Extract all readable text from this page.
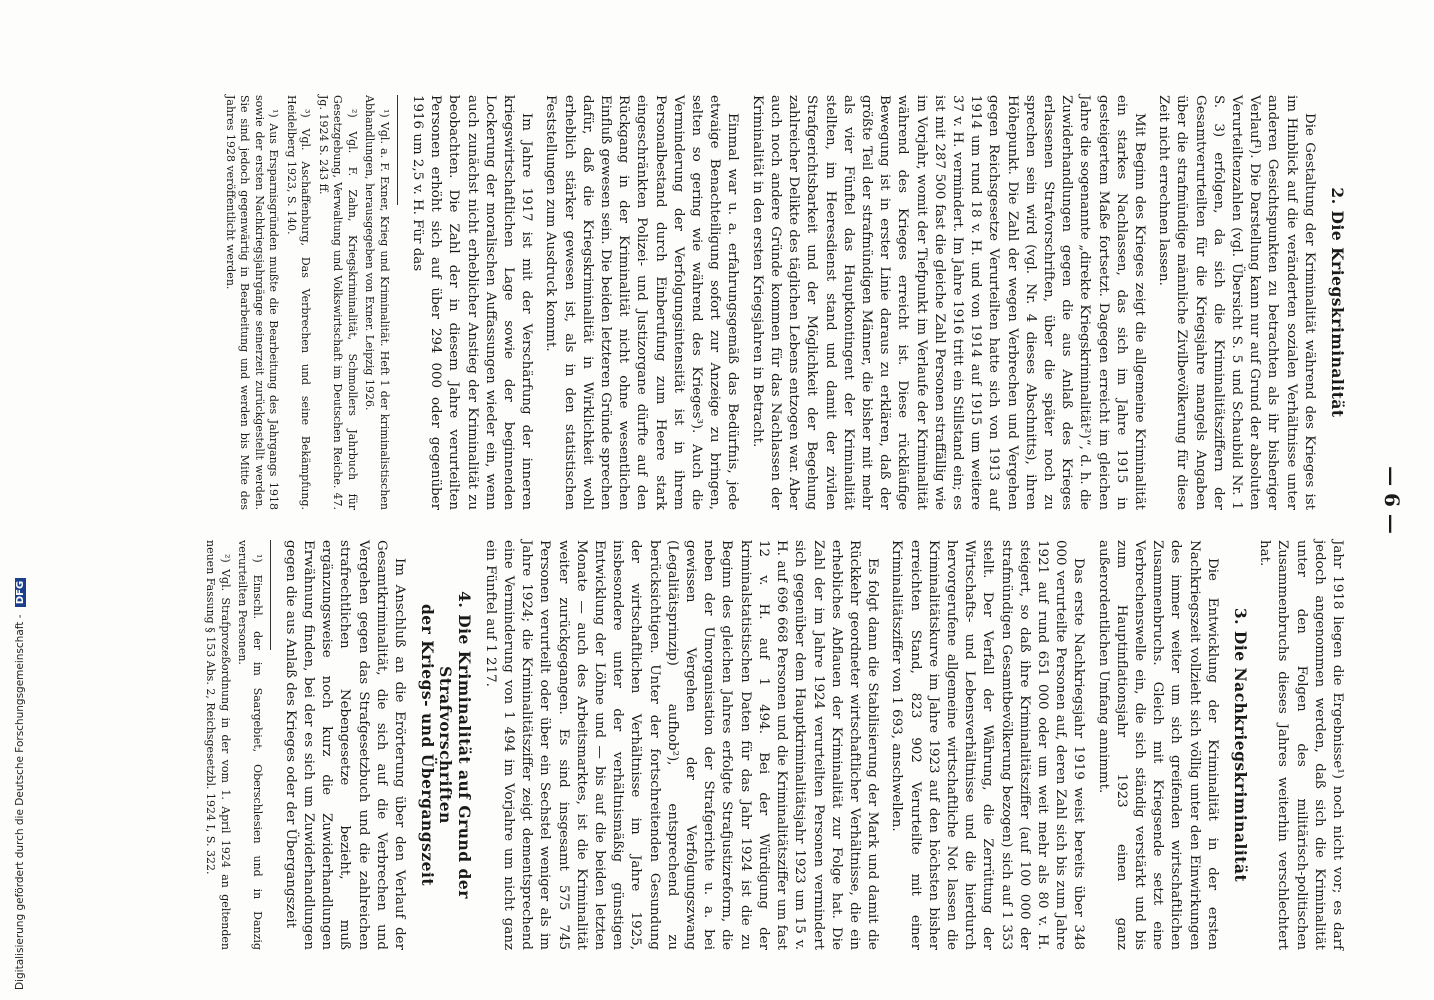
— 6 —
2. Die Kriegskriminalität

Die Gestaltung der Kriminalität während des Krieges ist im Hinblick auf die veränderten sozialen Verhältnisse unter anderen Gesichtspunkten zu betrachten als ihr bisheriger Verlauf¹). Die Darstellung kann nur auf Grund der absoluten Verurteiltenzahlen (vgl. Übersicht S. 5 und Schaubild Nr. 1 S. 3) erfolgen, da sich die Kriminalitätsziffern der Gesamtverurteilten für die Kriegsjahre mangels Angaben über die strafmündige männliche Zivilbevölkerung für diese Zeit nicht errechnen lassen.

Mit Beginn des Krieges zeigt die allgemeine Kriminalität ein starkes Nachlassen, das sich im Jahre 1915 in gesteigertem Maße fortsetzt. Dagegen erreicht im gleichen Jahre die sogenannte „direkte Kriegskriminalität²)“, d. h. die Zuwiderhandlungen gegen die aus Anlaß des Krieges erlassenen Strafvorschriften, über die später noch zu sprechen sein wird (vgl. Nr. 4 dieses Abschnitts), ihren Höhepunkt. Die Zahl der wegen Verbrechen und Vergehen gegen Reichsgesetze Verurteilten hatte sich von 1913 auf 1914 um rund 18 v. H. und von 1914 auf 1915 um weitere 37 v. H. vermindert. Im Jahre 1916 tritt ein Stillstand ein; es ist mit 287 500 fast die gleiche Zahl Personen straffällig wie im Vorjahr, womit der Tiefpunkt im Verlaufe der Kriminalität während des Krieges erreicht ist. Diese rückläufige Bewegung ist in erster Linie daraus zu erklären, daß der größte Teil der strafmündigen Männer, die bisher mit mehr als vier Fünftel das Hauptkontingent der Kriminalität stellten, im Heeresdienst stand und damit der zivilen Strafgerichtsbarkeit und der Möglichkeit der Begehung zahlreicher Delikte des täglichen Lebens entzogen war. Aber auch noch andere Gründe kommen für das Nachlassen der Kriminalität in den ersten Kriegsjahren in Betracht.

Einmal war u. a. erfahrungsgemäß das Bedürfnis, jede etwaige Benachteiligung sofort zur Anzeige zu bringen, selten so gering wie während des Krieges³). Auch die Verminderung der Verfolgungsintensität ist in ihrem Personalbestand durch Einberufung zum Heere stark eingeschränkten Polizei- und Justizorgane dürfte auf den Rückgang in der Kriminalität nicht ohne wesentlichen Einfluß gewesen sein. Die beiden letzteren Gründe sprechen dafür, daß die Kriegskriminalität in Wirklichkeit wohl erheblich stärker gewesen ist, als in den statistischen Feststellungen zum Ausdruck kommt.

Im Jahre 1917 ist mit der Verschärfung der inneren kriegswirtschaftlichen Lage sowie der beginnenden Lockerung der moralischen Auffassungen wieder ein, wenn auch zunächst nicht erheblicher Anstieg der Kriminalität zu beobachten. Die Zahl der in diesem Jahre verurteilten Personen erhöht sich auf über 294 000 oder gegenüber 1916 um 2,5 v. H. Für das

¹) Vgl. a. F. Exner, Krieg und Kriminalität. Heft 1 der kriminalistischen Abhandlungen, herausgegeben von Exner. Leipzig 1926.

²) Vgl. F. Zahn, Kriegskriminalität, Schmollers Jahrbuch für Gesetzgebung, Verwaltung und Volkswirtschaft im Deutschen Reiche. 47. Jg. 1924 S. 243 ff.

³) Vgl. Aschaffenburg, Das Verbrechen und seine Bekämpfung. Heidelberg 1923, S. 140.

¹) Aus Ersparnisgründen mußte die Bearbeitung des Jahrgangs 1918 sowie der ersten Nachkriegsjahrgänge seinerzeit zurückgestellt werden. Sie sind jedoch gegenwärtig in Bearbeitung und werden bis Mitte des Jahres 1928 veröffentlicht werden.

Jahr 1918 liegen die Ergebnisse¹) noch nicht vor; es darf jedoch angenommen werden, daß sich die Kriminalität unter den Folgen des militärisch-politischen Zusammenbruchs dieses Jahres weiterhin verschlechtert hat.

3. Die Nachkriegskriminalität

Die Entwicklung der Kriminalität in der ersten Nachkriegszeit vollzieht sich völlig unter den Einwirkungen des immer weiter um sich greifenden wirtschaftlichen Zusammenbruchs. Gleich mit Kriegsende setzt eine Verbrechenswelle ein, die sich ständig verstärkt und bis zum Hauptinflationsjahr 1923 einen ganz außerordentlichen Umfang annimmt.

Das erste Nachkriegsjahr 1919 weist bereits über 348 000 verurteilte Personen auf, deren Zahl sich bis zum Jahre 1921 auf rund 651 000 oder um weit mehr als 80 v. H. steigert, so daß ihre Kriminalitätsziffer (auf 100 000 der strafmündigen Gesamtbevölkerung bezogen) sich auf 1 353 stellt. Der Verfall der Währung, die Zerrüttung der Wirtschafts- und Lebensverhältnisse und die hierdurch hervorgerufene allgemeine wirtschaftliche Not lassen die Kriminalitätskurve im Jahre 1923 auf den höchsten bisher erreichten Stand, 823 902 Verurteilte mit einer Kriminalitätsziffer von 1 693, anschwellen.

Es folgt dann die Stabilisierung der Mark und damit die Rückkehr geordneter wirtschaftlicher Verhältnisse, die ein erhebliches Abflauen der Kriminalität zur Folge hat. Die Zahl der im Jahre 1924 verurteilten Personen vermindert sich gegenüber dem Hauptkriminalitätsjahr 1923 um 15 v. H. auf 696 668 Personen und die Kriminalitätsziffer um fast 12 v. H. auf 1 494. Bei der Würdigung der kriminalstatistischen Daten für das Jahr 1924 ist die zu Beginn des gleichen Jahres erfolgte Strafjustizreform, die neben der Umorganisation der Strafgerichte u. a. bei gewissen Vergehen der Verfolgungszwang (Legalitätsprinzip) aufhob²), entsprechend zu berücksichtigen. Unter der fortschreitenden Gesundung der wirtschaftlichen Verhältnisse im Jahre 1925, insbesondere unter der verhältnismäßig günstigen Entwicklung der Löhne und — bis auf die beiden letzten Monate — auch des Arbeitsmarktes, ist die Kriminalität weiter zurückgegangen. Es sind insgesamt 575 745 Personen verurteilt oder über ein Sechstel weniger als im Jahre 1924; die Kriminalitätsziffer zeigt dementsprechend eine Verminderung von 1 494 im Vorjahre um nicht ganz ein Fünftel auf 1 217.

4. Die Kriminalität auf Grund der Strafvorschriften
der Kriegs- und Übergangszeit

Im Anschluß an die Erörterung über den Verlauf der Gesamtkriminalität, die sich auf die Verbrechen und Vergehen gegen das Strafgesetzbuch und die zahlreichen strafrechtlichen Nebengesetze bezieht, muß ergänzungsweise noch kurz die Zuwiderhandlungen Erwähnung finden, bei der es sich um Zuwiderhandlungen gegen die aus Anlaß des Krieges oder der Übergangszeit

¹) Einschl. der im Saargebiet, Oberschlesien und in Danzig verurteilten Personen.

²) Vgl. Strafprozeßordnung in der vom 1. April 1924 an geltenden neuen Fassung § 153 Abs. 2, Reichsgesetzbl. 1924 I, S. 322.

Digitalisierung gefördert durch die Deutsche Forschungsgemeinschaft - DFG
